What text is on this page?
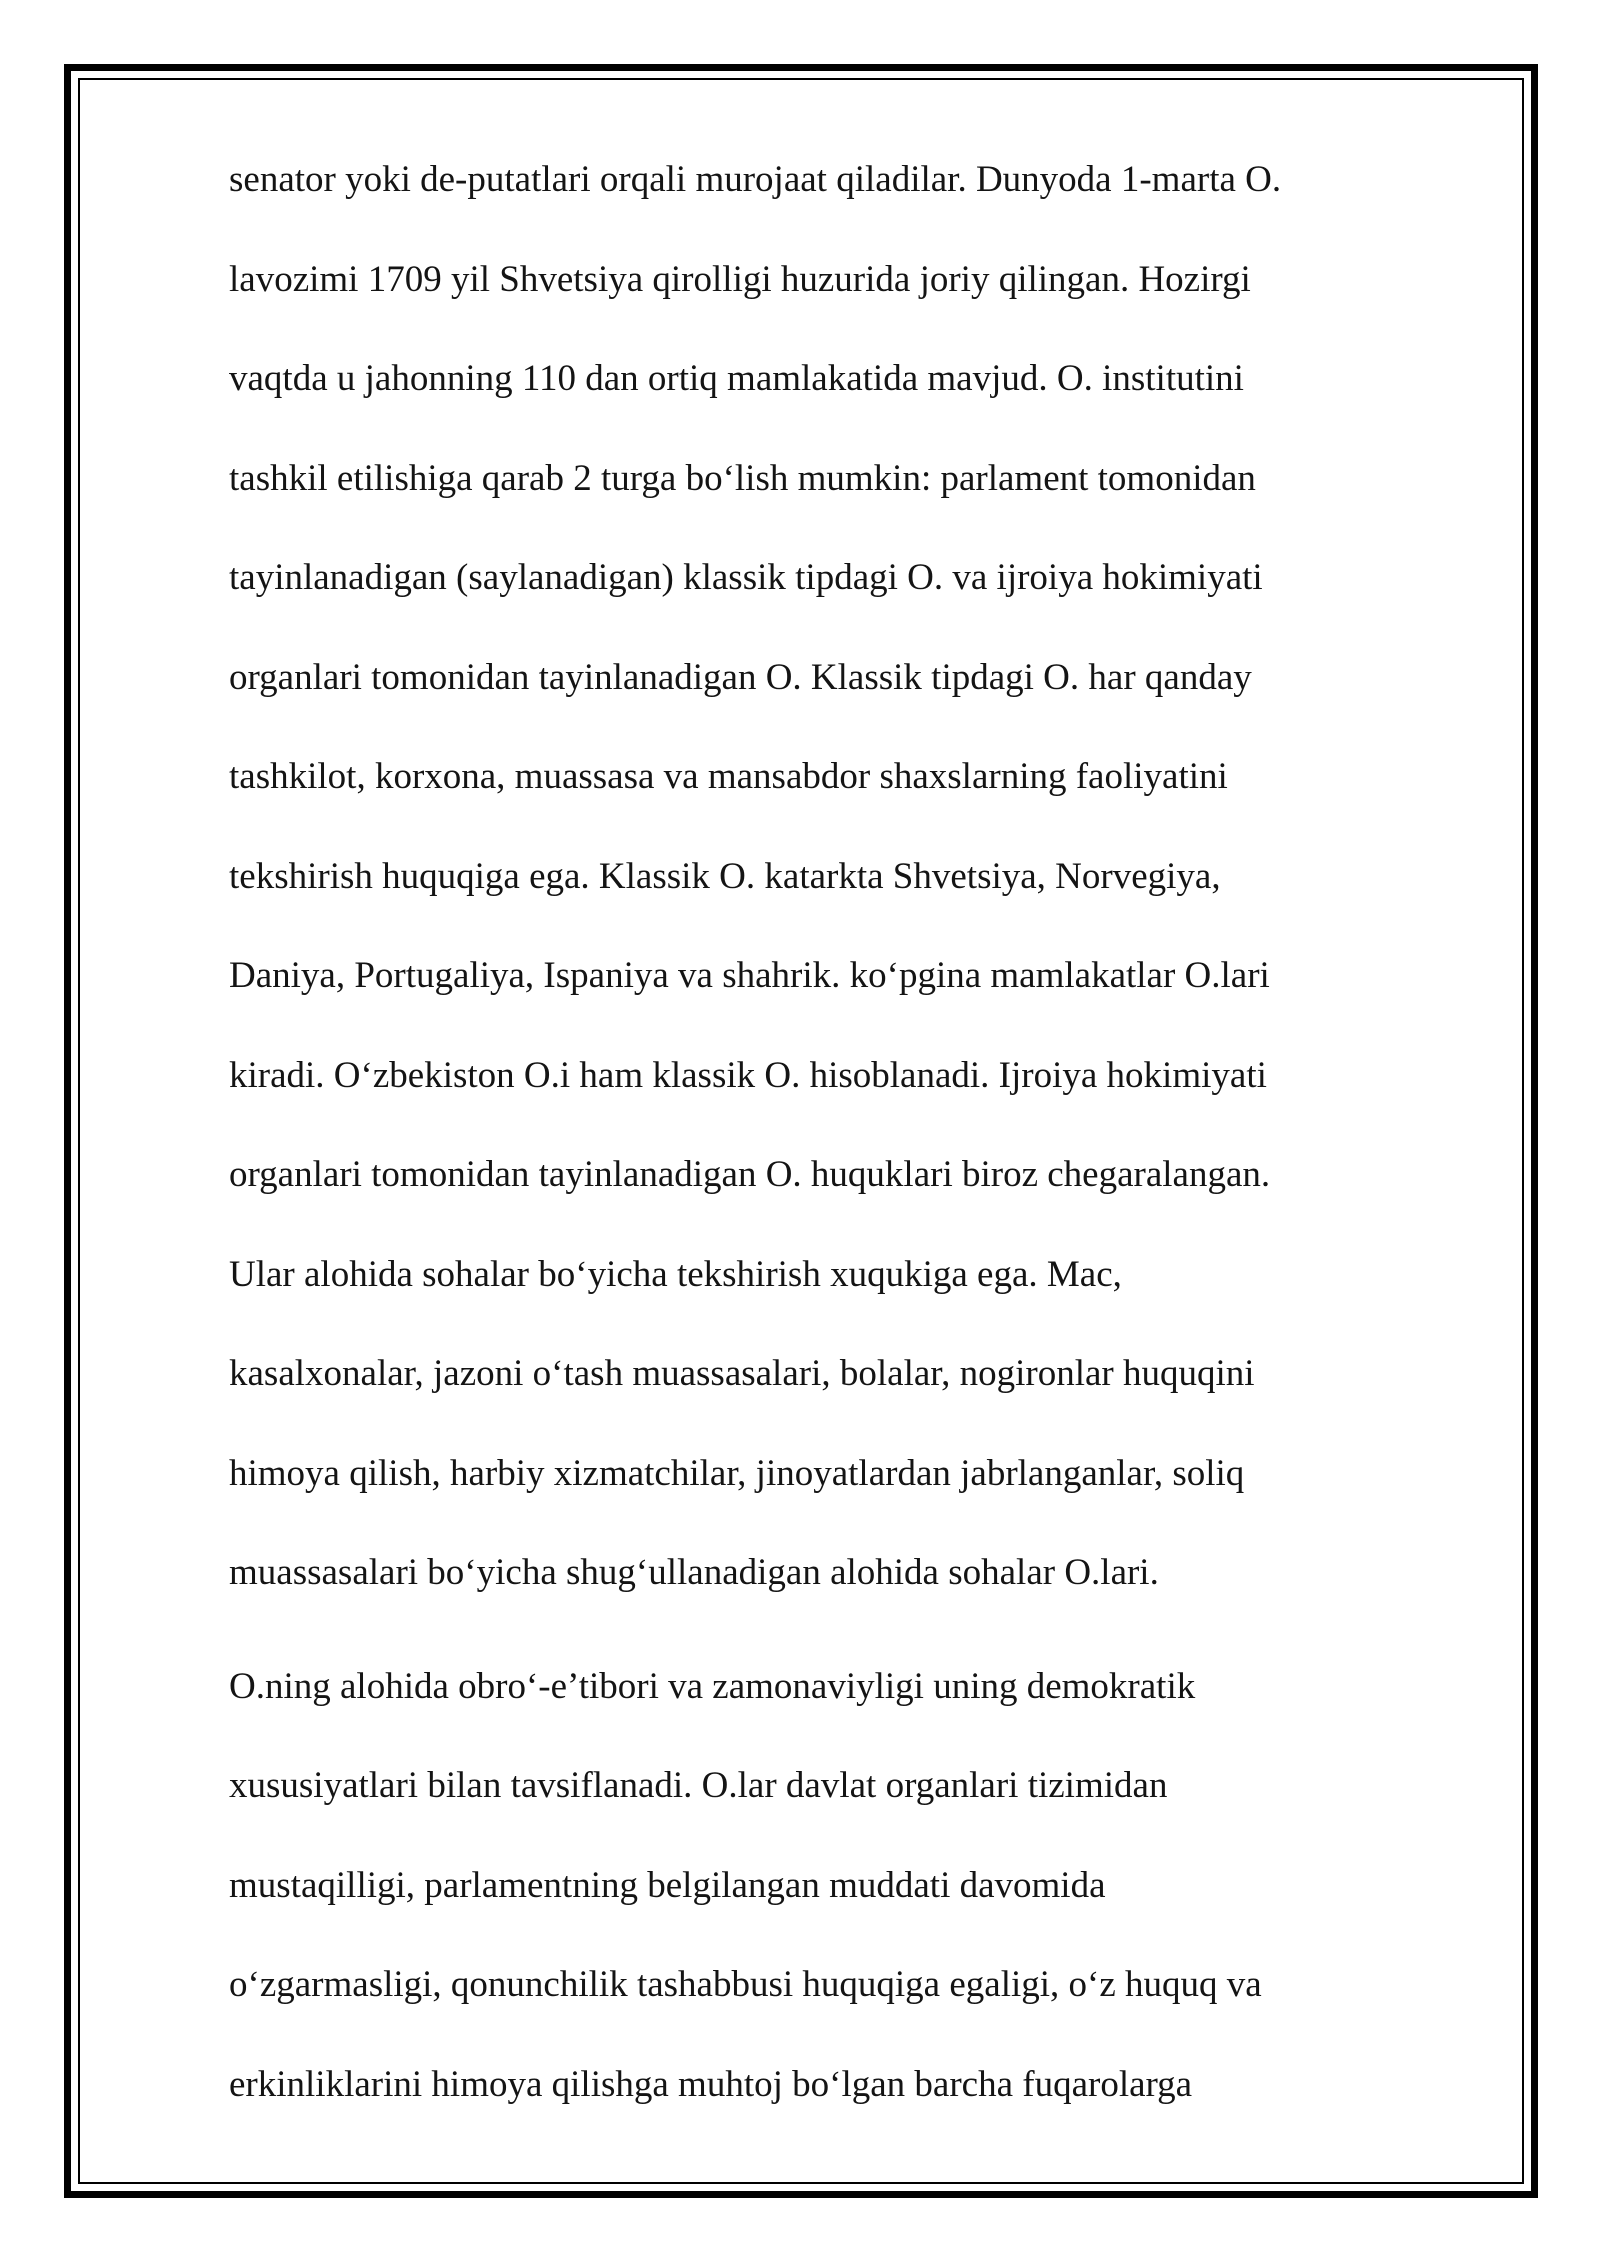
senator yoki de-putatlari orqali murojaat qiladilar. Dunyoda 1-marta O.
lavozimi 1709 yil Shvetsiya qirolligi huzurida joriy qilingan. Hozirgi
vaqtda u jahonning 110 dan ortiq mamlakatida mavjud. O. institutini
tashkil etilishiga qarab 2 turga bo‘lish mumkin: parlament tomonidan
tayinlanadigan (saylanadigan) klassik tipdagi O. va ijroiya hokimiyati
organlari tomonidan tayinlanadigan O. Klassik tipdagi O. har qanday
tashkilot, korxona, muassasa va mansabdor shaxslarning faoliyatini
tekshirish huquqiga ega. Klassik O. katarkta Shvetsiya, Norvegiya,
Daniya, Portugaliya, Ispaniya va shahrik. ko‘pgina mamlakatlar O.lari
kiradi. O‘zbekiston O.i ham klassik O. hisoblanadi. Ijroiya hokimiyati
organlari tomonidan tayinlanadigan O. huquklari biroz chegaralangan.
Ular alohida sohalar bo‘yicha tekshirish xuqukiga ega. Mac,
kasalxonalar, jazoni o‘tash muassasalari, bolalar, nogironlar huquqini
himoya qilish, harbiy xizmatchilar, jinoyatlardan jabrlanganlar, soliq
muassasalari bo‘yicha shug‘ullanadigan alohida sohalar O.lari.
O.ning alohida obro‘-e’tibori va zamonaviyligi uning demokratik
xususiyatlari bilan tavsiflanadi. O.lar davlat organlari tizimidan
mustaqilligi, parlamentning belgilangan muddati davomida
o‘zgarmasligi, qonunchilik tashabbusi huquqiga egaligi, o‘z huquq va
erkinliklarini himoya qilishga muhtoj bo‘lgan barcha fuqarolarga
